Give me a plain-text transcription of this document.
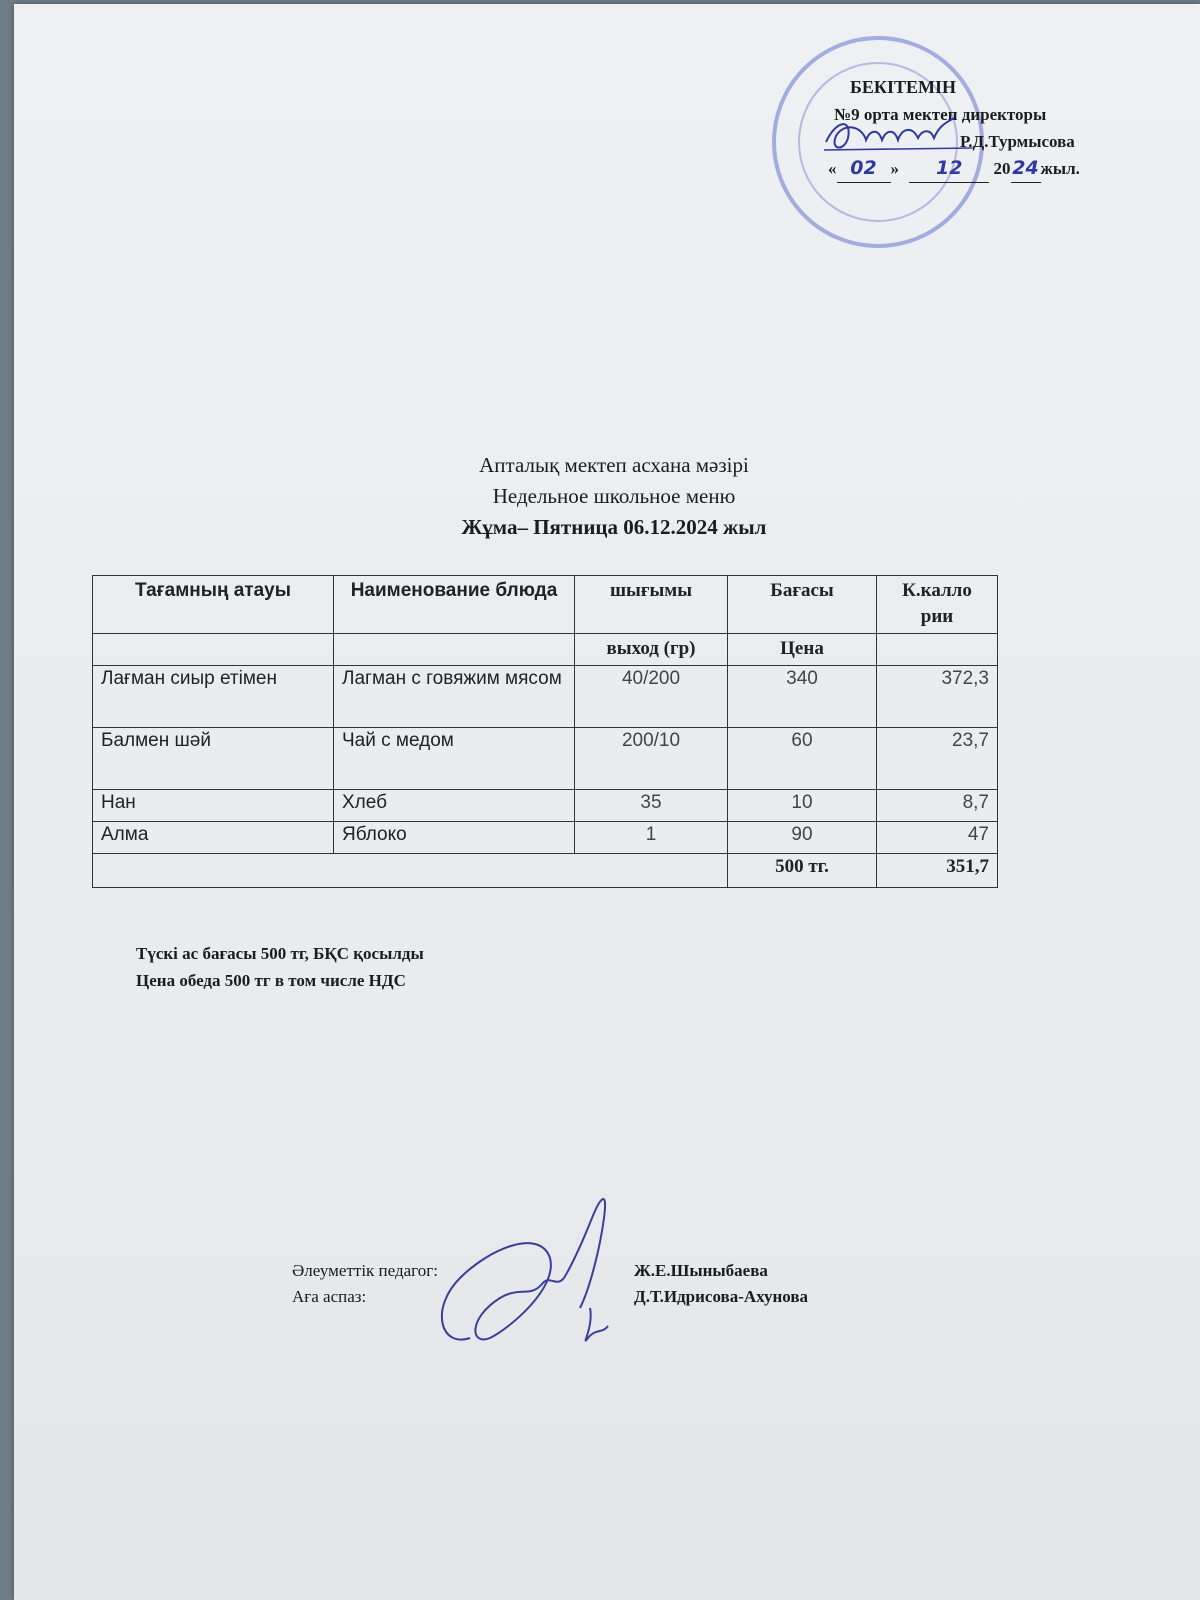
БЕКІТЕМІН
№9 орта мектеп директоры
Р.Д.Турмысова
« 02 » 12 2024 жыл.
Апталық мектеп асхана мәзірі
Недельное школьное меню
Жұма– Пятница 06.12.2024 жыл
Тағамның атауы	Наименование блюда	шығымы	Бағасы	К.калло рии
		выход (гр)	Цена	
Лағман сиыр етімен	Лагман с говяжим мясом	40/200	340	372,3
Балмен шәй	Чай с медом	200/10	60	23,7
Нан	Хлеб	35	10	8,7
Алма	Яблоко	1	90	47
			500 тг.	351,7
Түскі ас бағасы 500 тг, БҚС қосылды
Цена обеда 500 тг в том числе НДС
Әлеуметтік педагог:	Ж.Е.Шыныбаева
Аға аспаз:	Д.Т.Идрисова-Ахунова
